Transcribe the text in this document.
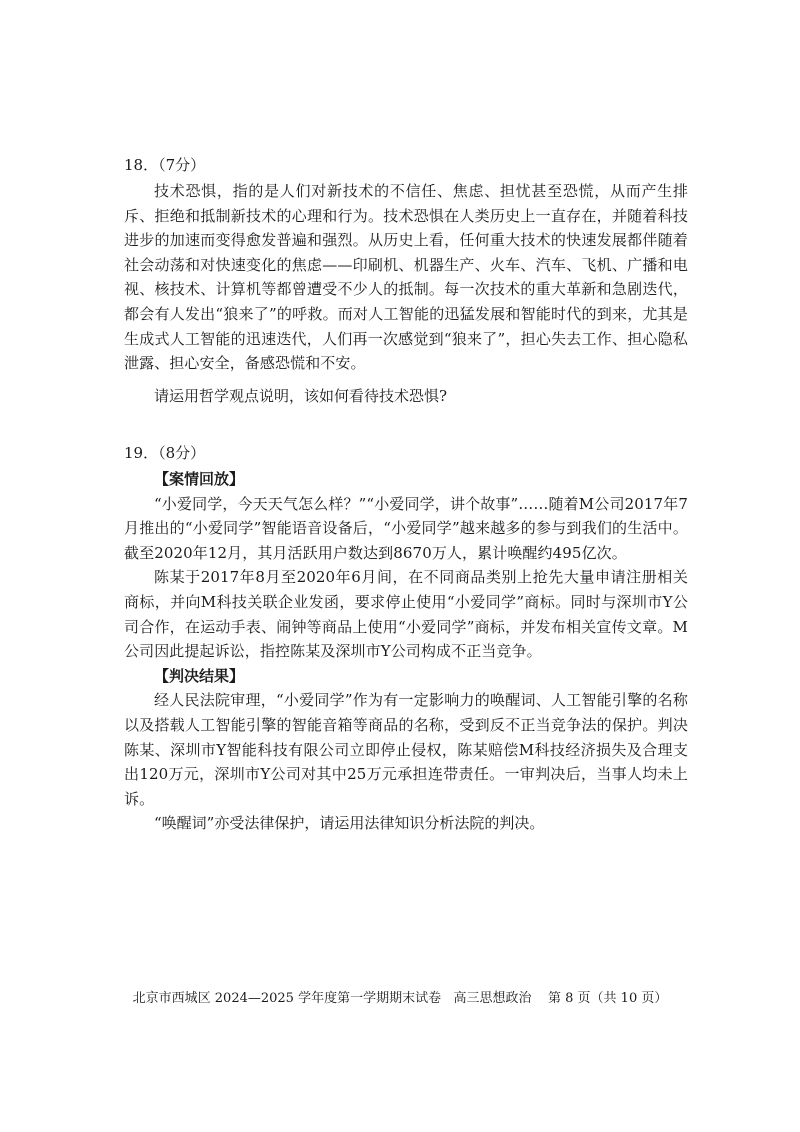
18．（7分）

技术恐惧，指的是人们对新技术的不信任、焦虑、担忧甚至恐慌，从而产生排斥、拒绝和抵制新技术的心理和行为。技术恐惧在人类历史上一直存在，并随着科技进步的加速而变得愈发普遍和强烈。从历史上看，任何重大技术的快速发展都伴随着社会动荡和对快速变化的焦虑——印刷机、机器生产、火车、汽车、飞机、广播和电视、核技术、计算机等都曾遭受不少人的抵制。每一次技术的重大革新和急剧迭代，都会有人发出“狼来了”的呼救。而对人工智能的迅猛发展和智能时代的到来，尤其是生成式人工智能的迅速迭代，人们再一次感觉到“狼来了”，担心失去工作、担心隐私泄露、担心安全，备感恐慌和不安。

请运用哲学观点说明，该如何看待技术恐惧?

19．（8分）

【案情回放】

“小爱同学，今天天气怎么样？”“小爱同学，讲个故事”……随着M公司2017年7月推出的“小爱同学”智能语音设备后，“小爱同学”越来越多的参与到我们的生活中。截至2020年12月，其月活跃用户数达到8670万人，累计唤醒约495亿次。

陈某于2017年8月至2020年6月间，在不同商品类别上抢先大量申请注册相关商标，并向M科技关联企业发函，要求停止使用“小爱同学”商标。同时与深圳市Y公司合作，在运动手表、闹钟等商品上使用“小爱同学”商标，并发布相关宣传文章。M公司因此提起诉讼，指控陈某及深圳市Y公司构成不正当竞争。

【判决结果】

经人民法院审理，“小爱同学”作为有一定影响力的唤醒词、人工智能引擎的名称以及搭载人工智能引擎的智能音箱等商品的名称，受到反不正当竞争法的保护。判决陈某、深圳市Y智能科技有限公司立即停止侵权，陈某赔偿M科技经济损失及合理支出120万元，深圳市Y公司对其中25万元承担连带责任。一审判决后，当事人均未上诉。

“唤醒词”亦受法律保护，请运用法律知识分析法院的判决。

北京市西城区 2024—2025 学年度第一学期期末试卷   高三思想政治    第 8 页（共 10 页）
